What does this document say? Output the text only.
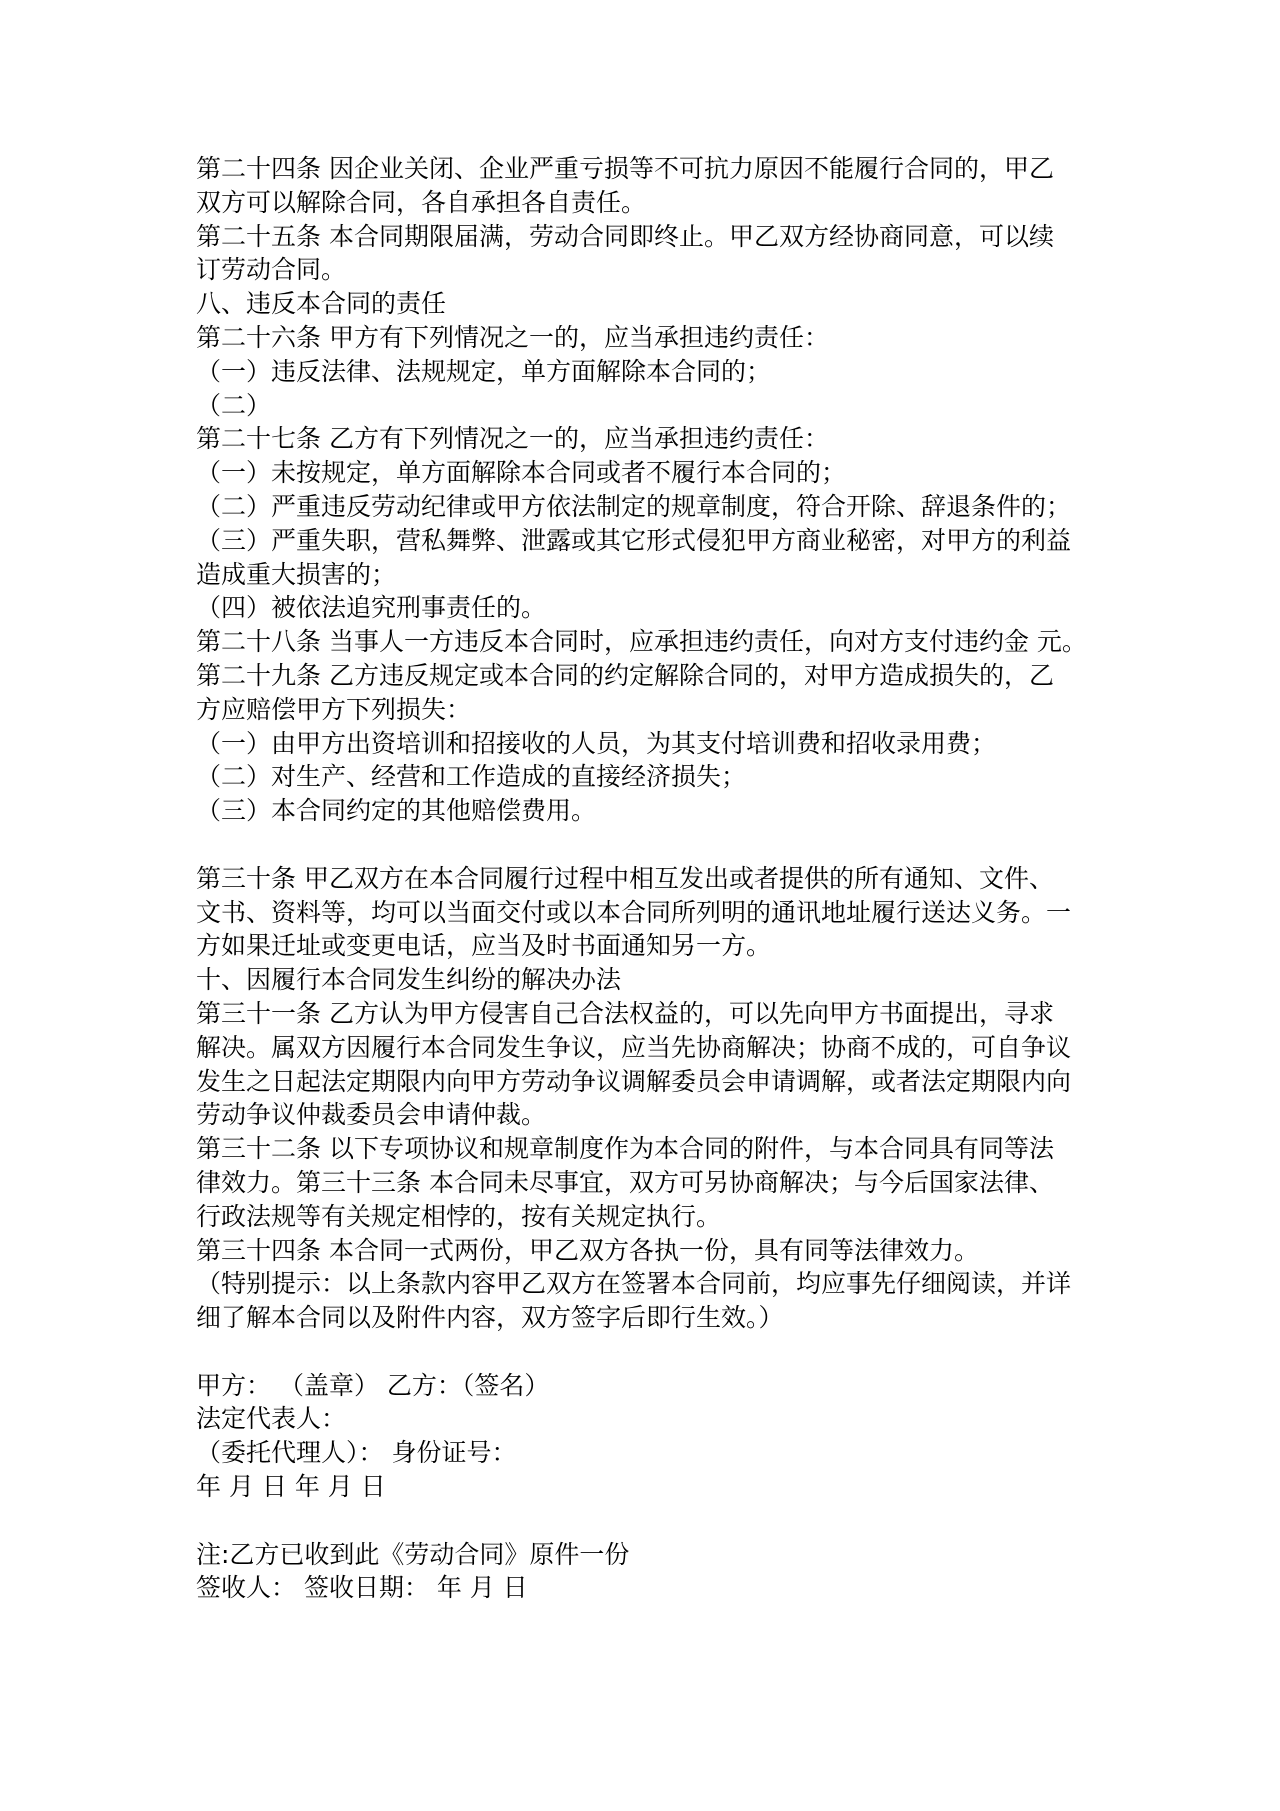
第二十四条 因企业关闭、企业严重亏损等不可抗力原因不能履行合同的，甲乙
双方可以解除合同，各自承担各自责任。
第二十五条 本合同期限届满，劳动合同即终止。甲乙双方经协商同意，可以续
订劳动合同。
八、违反本合同的责任
第二十六条 甲方有下列情况之一的，应当承担违约责任：
（一）违反法律、法规规定，单方面解除本合同的；
（二）
第二十七条 乙方有下列情况之一的，应当承担违约责任：
（一）未按规定，单方面解除本合同或者不履行本合同的；
（二）严重违反劳动纪律或甲方依法制定的规章制度，符合开除、辞退条件的；
（三）严重失职，营私舞弊、泄露或其它形式侵犯甲方商业秘密，对甲方的利益
造成重大损害的；
（四）被依法追究刑事责任的。
第二十八条 当事人一方违反本合同时，应承担违约责任，向对方支付违约金 元。
第二十九条 乙方违反规定或本合同的约定解除合同的，对甲方造成损失的，乙
方应赔偿甲方下列损失：
（一）由甲方出资培训和招接收的人员，为其支付培训费和招收录用费；
（二）对生产、经营和工作造成的直接经济损失；
（三）本合同约定的其他赔偿费用。
第三十条 甲乙双方在本合同履行过程中相互发出或者提供的所有通知、文件、
文书、资料等，均可以当面交付或以本合同所列明的通讯地址履行送达义务。一
方如果迁址或变更电话，应当及时书面通知另一方。
十、因履行本合同发生纠纷的解决办法
第三十一条 乙方认为甲方侵害自己合法权益的，可以先向甲方书面提出，寻求
解决。属双方因履行本合同发生争议，应当先协商解决；协商不成的，可自争议
发生之日起法定期限内向甲方劳动争议调解委员会申请调解，或者法定期限内向
劳动争议仲裁委员会申请仲裁。
第三十二条 以下专项协议和规章制度作为本合同的附件，与本合同具有同等法
律效力。第三十三条 本合同未尽事宜，双方可另协商解决；与今后国家法律、
行政法规等有关规定相悖的，按有关规定执行。
第三十四条 本合同一式两份，甲乙双方各执一份，具有同等法律效力。
（特别提示：以上条款内容甲乙双方在签署本合同前，均应事先仔细阅读，并详
细了解本合同以及附件内容，双方签字后即行生效。）
甲方： （盖章） 乙方：（签名）
法定代表人：
（委托代理人）： 身份证号：
年 月 日 年 月 日
注:乙方已收到此《劳动合同》原件一份
签收人： 签收日期： 年 月 日
